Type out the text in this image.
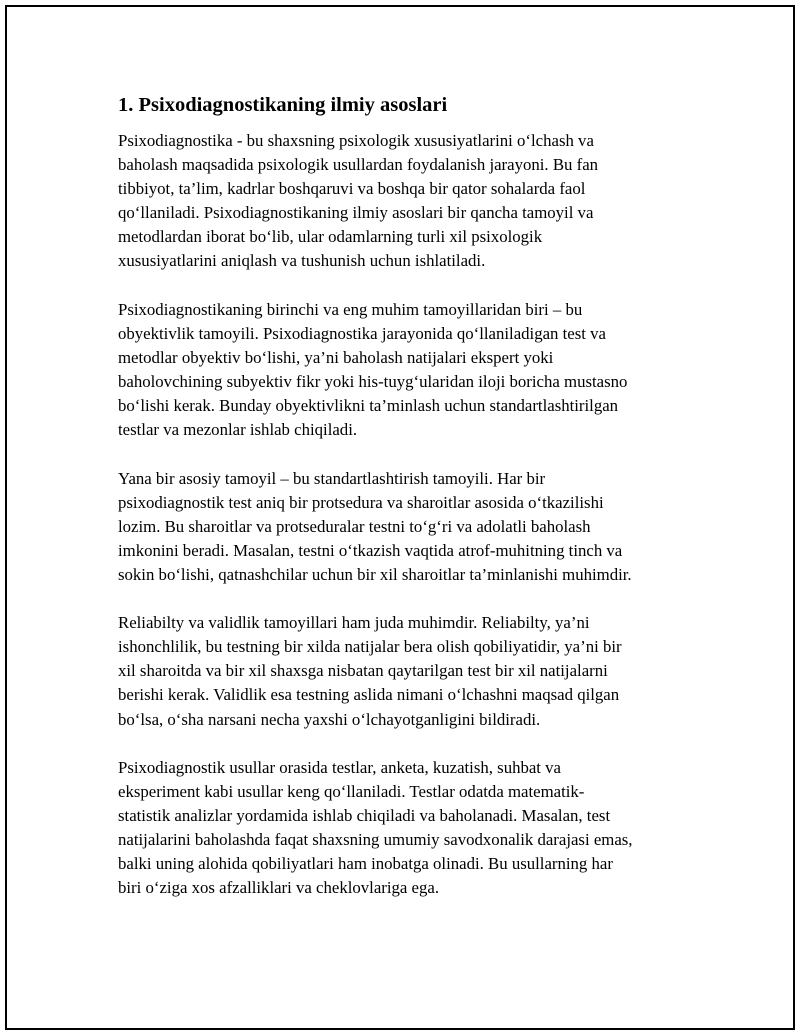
1. Psixodiagnostikaning ilmiy asoslari

Psixodiagnostika - bu shaxsning psixologik xususiyatlarini o‘lchash va
baholash maqsadida psixologik usullardan foydalanish jarayoni. Bu fan
tibbiyot, ta’lim, kadrlar boshqaruvi va boshqa bir qator sohalarda faol
qo‘llaniladi. Psixodiagnostikaning ilmiy asoslari bir qancha tamoyil va
metodlardan iborat bo‘lib, ular odamlarning turli xil psixologik
xususiyatlarini aniqlash va tushunish uchun ishlatiladi.

Psixodiagnostikaning birinchi va eng muhim tamoyillaridan biri – bu
obyektivlik tamoyili. Psixodiagnostika jarayonida qo‘llaniladigan test va
metodlar obyektiv bo‘lishi, ya’ni baholash natijalari ekspert yoki
baholovchining subyektiv fikr yoki his-tuyg‘ularidan iloji boricha mustasno
bo‘lishi kerak. Bunday obyektivlikni ta’minlash uchun standartlashtirilgan
testlar va mezonlar ishlab chiqiladi.

Yana bir asosiy tamoyil – bu standartlashtirish tamoyili. Har bir
psixodiagnostik test aniq bir protsedura va sharoitlar asosida o‘tkazilishi
lozim. Bu sharoitlar va protseduralar testni to‘g‘ri va adolatli baholash
imkonini beradi. Masalan, testni o‘tkazish vaqtida atrof-muhitning tinch va
sokin bo‘lishi, qatnashchilar uchun bir xil sharoitlar ta’minlanishi muhimdir.

Reliabilty va validlik tamoyillari ham juda muhimdir. Reliabilty, ya’ni
ishonchlilik, bu testning bir xilda natijalar bera olish qobiliyatidir, ya’ni bir
xil sharoitda va bir xil shaxsga nisbatan qaytarilgan test bir xil natijalarni
berishi kerak. Validlik esa testning aslida nimani o‘lchashni maqsad qilgan
bo‘lsa, o‘sha narsani necha yaxshi o‘lchayotganligini bildiradi.

Psixodiagnostik usullar orasida testlar, anketa, kuzatish, suhbat va
eksperiment kabi usullar keng qo‘llaniladi. Testlar odatda matematik-
statistik analizlar yordamida ishlab chiqiladi va baholanadi. Masalan, test
natijalarini baholashda faqat shaxsning umumiy savodxonalik darajasi emas,
balki uning alohida qobiliyatlari ham inobatga olinadi. Bu usullarning har
biri o‘ziga xos afzalliklari va cheklovlariga ega.
